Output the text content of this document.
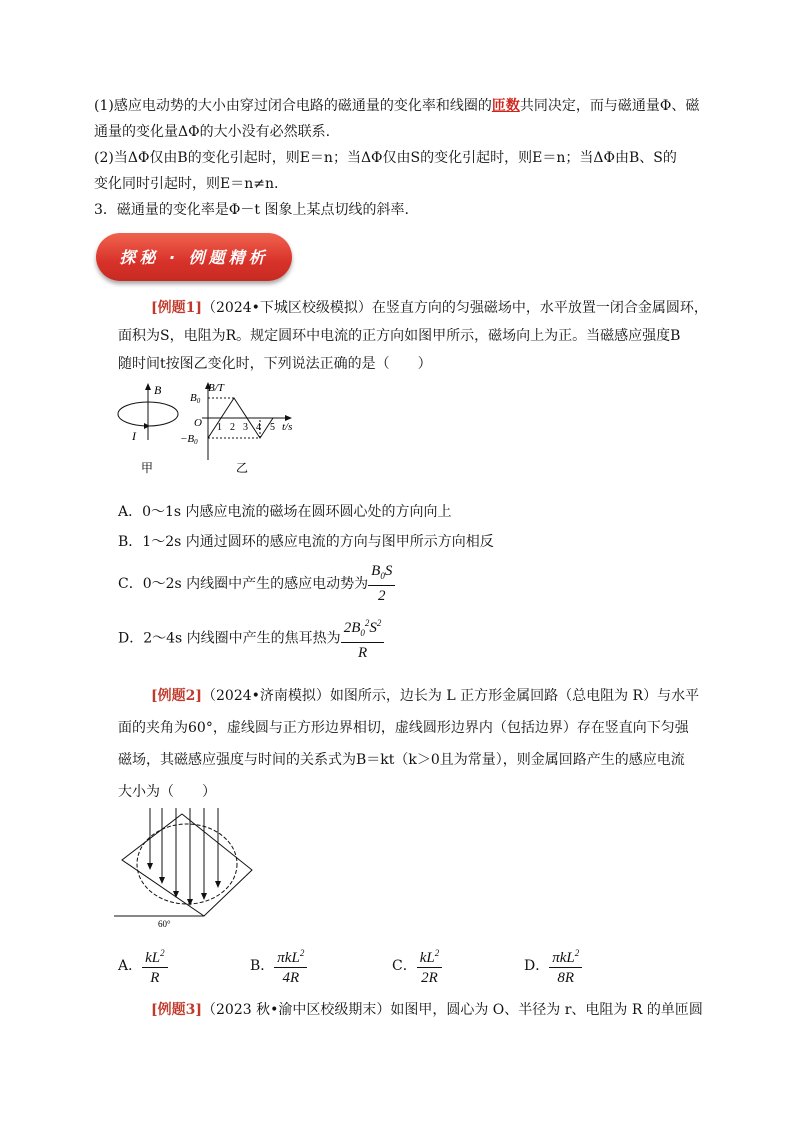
(1)感应电动势的大小由穿过闭合电路的磁通量的变化率和线圈的匝数共同决定，而与磁通量Φ、磁
通量的变化量ΔΦ的大小没有必然联系.
(2)当ΔΦ仅由B的变化引起时，则E＝n；当ΔΦ仅由S的变化引起时，则E＝n；当ΔΦ由B、S的
变化同时引起时，则E＝n≠n.
3．磁通量的变化率是Φ－t 图象上某点切线的斜率.
探秘 · 例题精析
[例题1]（2024•下城区校级模拟）在竖直方向的匀强磁场中，水平放置一闭合金属圆环，
面积为S，电阻为R。规定圆环中电流的正方向如图甲所示，磁场向上为正。当磁感应强度B
随时间t按图乙变化时，下列说法正确的是（　　）
B
I
甲
B/T
t/s
O
B0
−B0
1 2 3 4 5
乙
A．0～1s 内感应电流的磁场在圆环圆心处的方向向上
B．1～2s 内通过圆环的感应电流的方向与图甲所示方向相反
C．0～2s 内线圈中产生的感应电动势为 $\frac{B_0S}{2}$
D．2～4s 内线圈中产生的焦耳热为 $\frac{2B_0^2S^2}{R}$
[例题2]（2024•济南模拟）如图所示，边长为 L 正方形金属回路（总电阻为 R）与水平
面的夹角为60°，虚线圆与正方形边界相切，虚线圆形边界内（包括边界）存在竖直向下匀强
磁场，其磁感应强度与时间的关系式为B＝kt（k＞0且为常量），则金属回路产生的感应电流
大小为（　　）
60°
A． $\frac{kL^2}{R}$	B． $\frac{\pi kL^2}{4R}$	C． $\frac{kL^2}{2R}$	D． $\frac{\pi kL^2}{8R}$
[例题3]（2023 秋•渝中区校级期末）如图甲，圆心为 O、半径为 r、电阻为 R 的单匝圆
